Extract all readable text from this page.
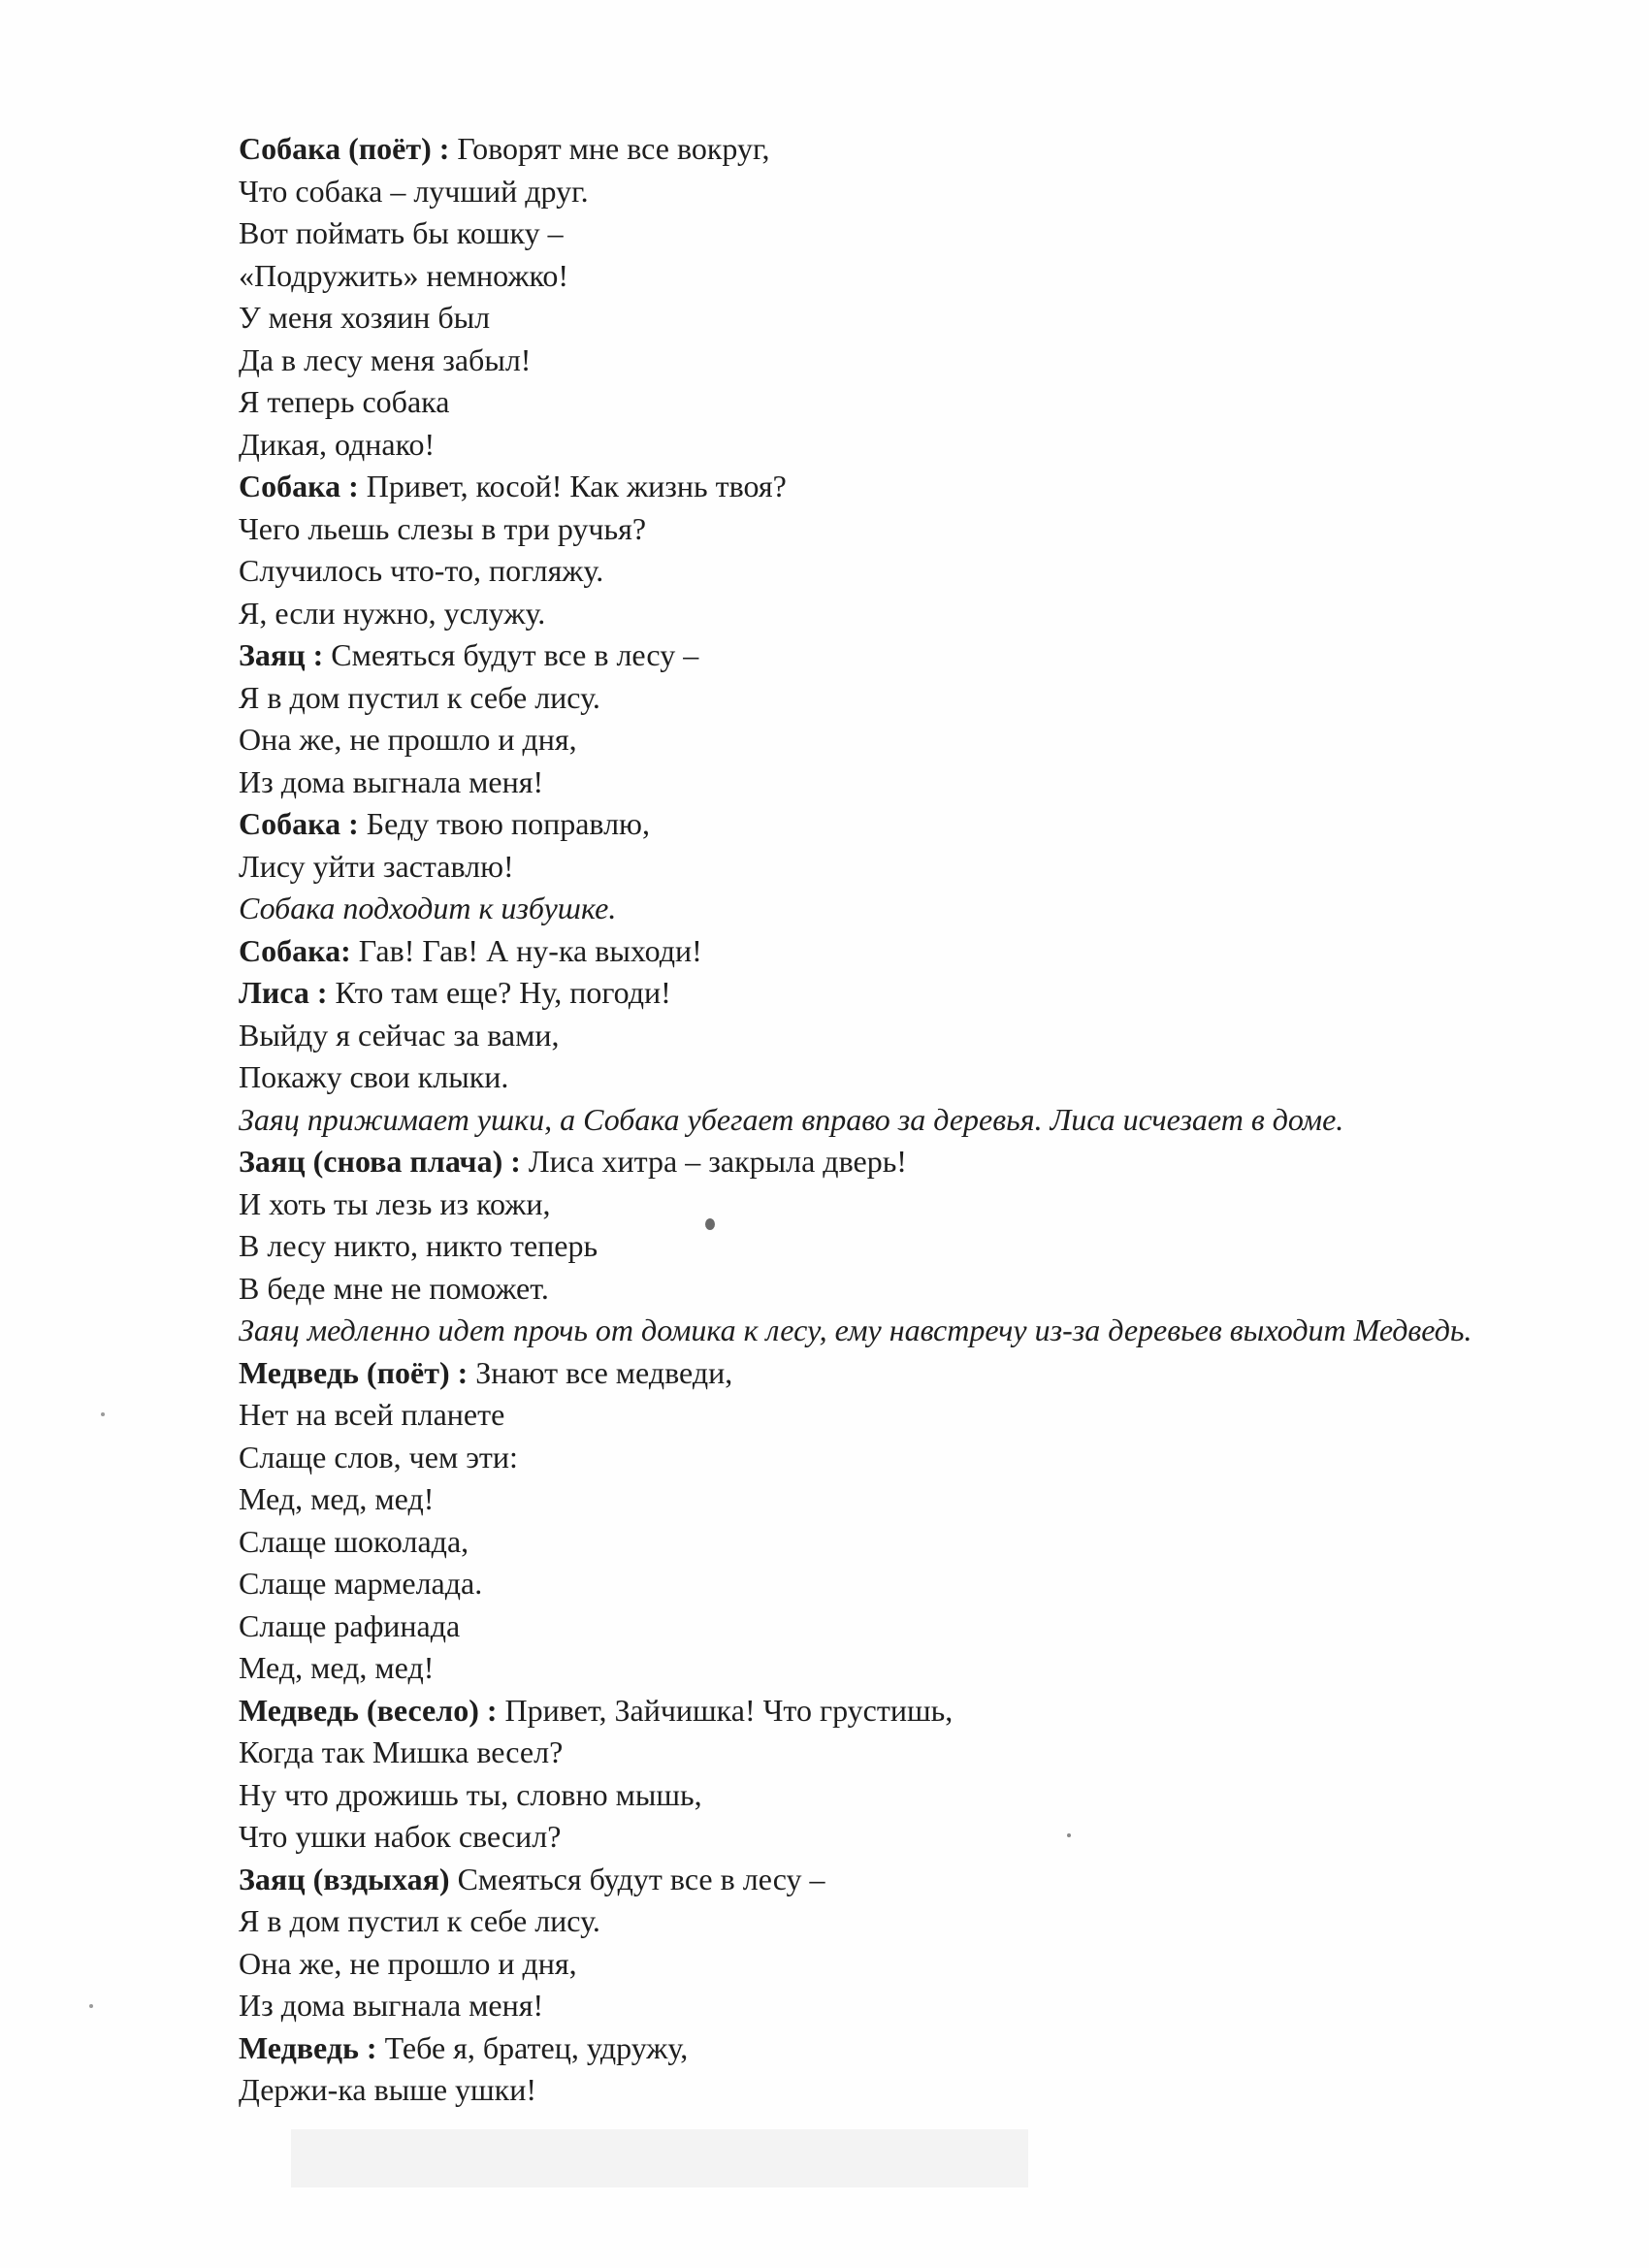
Собака (поёт) : Говорят мне все вокруг,
Что собака – лучший друг.
Вот поймать бы кошку –
«Подружить» немножко!
У меня хозяин был
Да в лесу меня забыл!
Я теперь собака
Дикая, однако!
Собака : Привет, косой! Как жизнь твоя?
Чего льешь слезы в три ручья?
Случилось что-то, погляжу.
Я, если нужно, услужу.
Заяц : Смеяться будут все в лесу –
Я в дом пустил к себе лису.
Она же, не прошло и дня,
Из дома выгнала меня!
Собака : Беду твою поправлю,
Лису уйти заставлю!
Собака подходит к избушке.
Собака: Гав! Гав! А ну-ка выходи!
Лиса : Кто там еще? Ну, погоди!
Выйду я сейчас за вами,
Покажу свои клыки.
Заяц прижимает ушки, а Собака убегает вправо за деревья. Лиса исчезает в доме.
Заяц (снова плача) : Лиса хитра – закрыла дверь!
И хоть ты лезь из кожи,
В лесу никто, никто теперь
В беде мне не поможет.
Заяц медленно идет прочь от домика к лесу, ему навстречу из-за деревьев выходит Медведь.
Медведь (поёт) : Знают все медведи,
Нет на всей планете
Слаще слов, чем эти:
Мед, мед, мед!
Слаще шоколада,
Слаще мармелада.
Слаще рафинада
Мед, мед, мед!
Медведь (весело) : Привет, Зайчишка! Что грустишь,
Когда так Мишка весел?
Ну что дрожишь ты, словно мышь,
Что ушки набок свесил?
Заяц (вздыхая) Смеяться будут все в лесу –
Я в дом пустил к себе лису.
Она же, не прошло и дня,
Из дома выгнала меня!
Медведь : Тебе я, братец, удружу,
Держи-ка выше ушки!
